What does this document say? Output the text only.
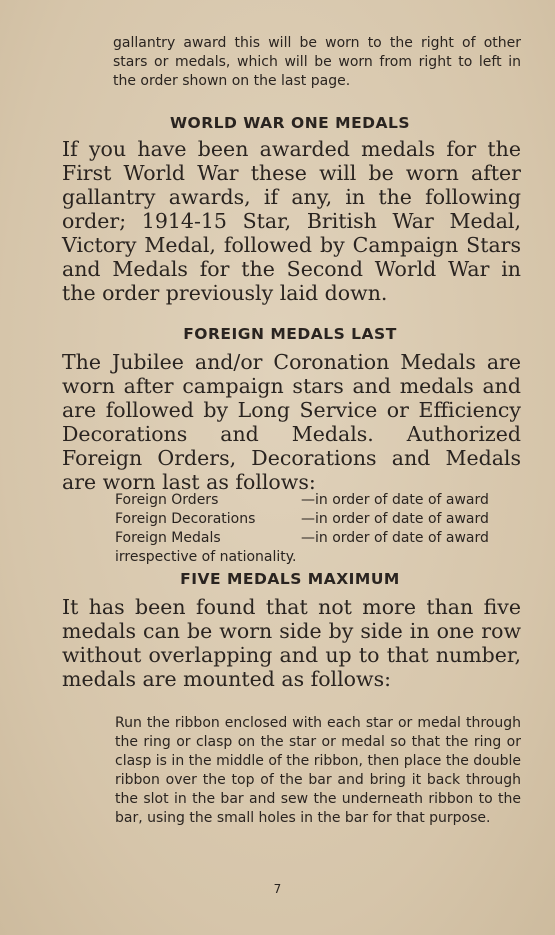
gallantry award this will be worn to the right of other stars or medals, which will be worn from right to left in the order shown on the last page.

WORLD WAR ONE MEDALS

If you have been awarded medals for the First World War these will be worn after gallantry awards, if any, in the following order; 1914-15 Star, British War Medal, Victory Medal, followed by Campaign Stars and Medals for the Second World War in the order previously laid down.

FOREIGN MEDALS LAST

The Jubilee and/or Coronation Medals are worn after campaign stars and medals and are followed by Long Service or Efficiency Decorations and Medals. Authorized Foreign Orders, Decorations and Medals are worn last as follows:

Foreign Orders	—in order of date of award
Foreign Decorations	—in order of date of award
Foreign Medals	—in order of date of award
irrespective of nationality.
FIVE MEDALS MAXIMUM

It has been found that not more than five medals can be worn side by side in one row without overlapping and up to that number, medals are mounted as follows:

Run the ribbon enclosed with each star or medal through the ring or clasp on the star or medal so that the ring or clasp is in the middle of the ribbon, then place the double ribbon over the top of the bar and bring it back through the slot in the bar and sew the underneath ribbon to the bar, using the small holes in the bar for that purpose.

7
